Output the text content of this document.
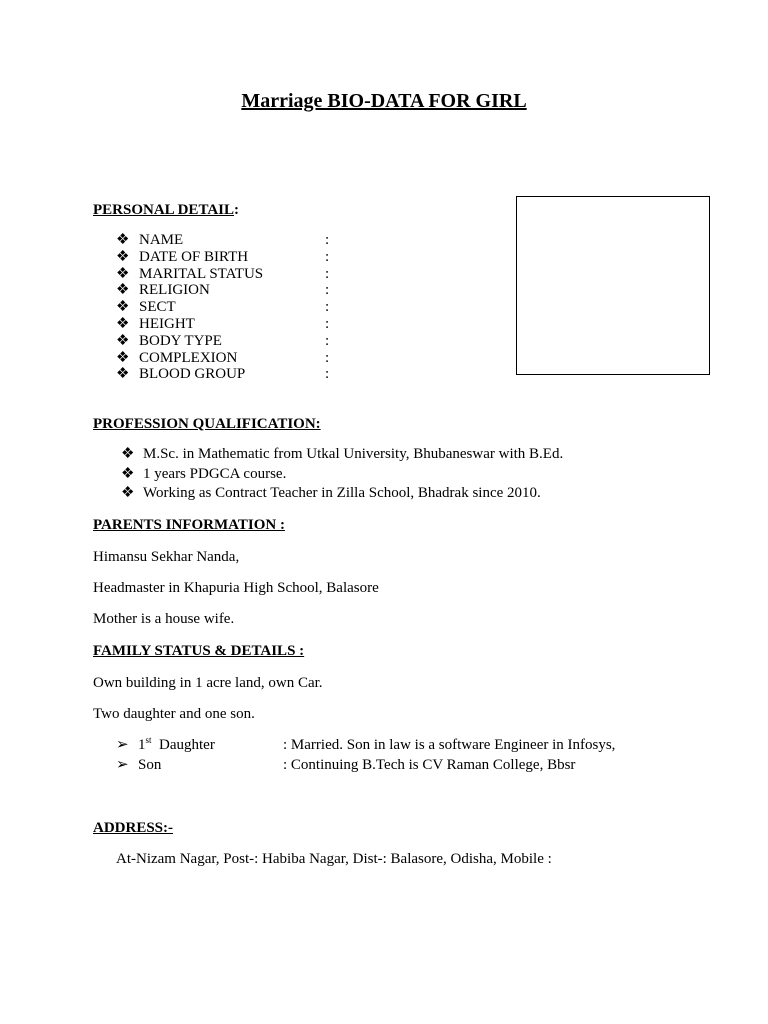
Marriage BIO-DATA FOR GIRL
PERSONAL DETAIL:
❖ NAME	:
❖ DATE OF BIRTH	:
❖ MARITAL STATUS	:
❖ RELIGION	:
❖ SECT	:
❖ HEIGHT	:
❖ BODY TYPE	:
❖ COMPLEXION	:
❖ BLOOD GROUP	:
PROFESSION QUALIFICATION:
❖ M.Sc. in Mathematic from Utkal University, Bhubaneswar with B.Ed.
❖ 1 years PDGCA course.
❖ Working as Contract Teacher in Zilla School, Bhadrak since 2010.
PARENTS INFORMATION :
Himansu Sekhar Nanda,
Headmaster in Khapuria High School, Balasore
Mother is a house wife.
FAMILY STATUS & DETAILS :
Own building in 1 acre land, own Car.
Two daughter and one son.
➢ 1st  Daughter	: Married. Son in law is a software Engineer in Infosys,
➢ Son	: Continuing B.Tech is CV Raman College, Bbsr
ADDRESS:-
At-Nizam Nagar, Post-: Habiba Nagar, Dist-: Balasore, Odisha, Mobile :
